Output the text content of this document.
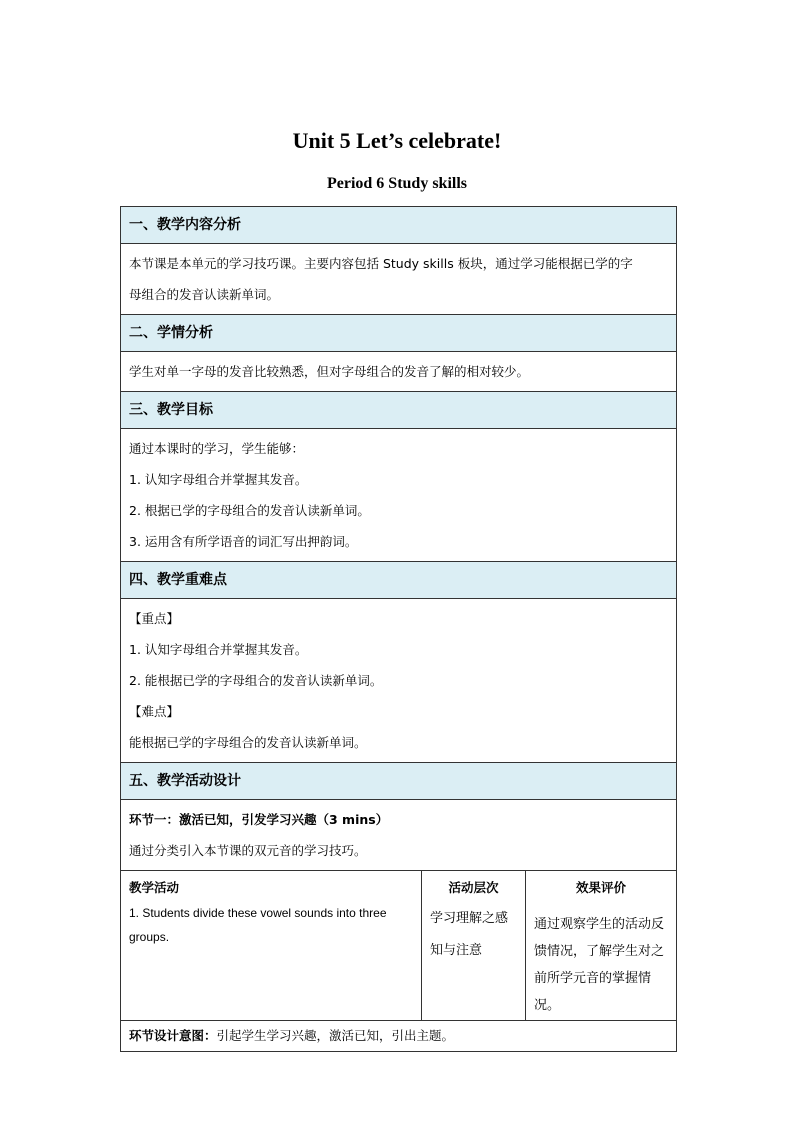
Unit 5 Let’s celebrate!
Period 6 Study skills
一、教学内容分析
本节课是本单元的学习技巧课。主要内容包括 Study skills 板块，通过学习能根据已学的字
母组合的发音认读新单词。
二、学情分析
学生对单一字母的发音比较熟悉，但对字母组合的发音了解的相对较少。
三、教学目标
通过本课时的学习，学生能够：
1. 认知字母组合并掌握其发音。
2. 根据已学的字母组合的发音认读新单词。
3. 运用含有所学语音的词汇写出押韵词。
四、教学重难点
【重点】
1. 认知字母组合并掌握其发音。
2. 能根据已学的字母组合的发音认读新单词。
【难点】
能根据已学的字母组合的发音认读新单词。
五、教学活动设计
环节一：激活已知，引发学习兴趣（3 mins）
通过分类引入本节课的双元音的学习技巧。
教学活动
1. Students divide these vowel sounds into three groups.
活动层次
学习理解之感知与注意
效果评价
通过观察学生的活动反馈情况，了解学生对之前所学元音的掌握情况。
环节设计意图：引起学生学习兴趣，激活已知，引出主题。
